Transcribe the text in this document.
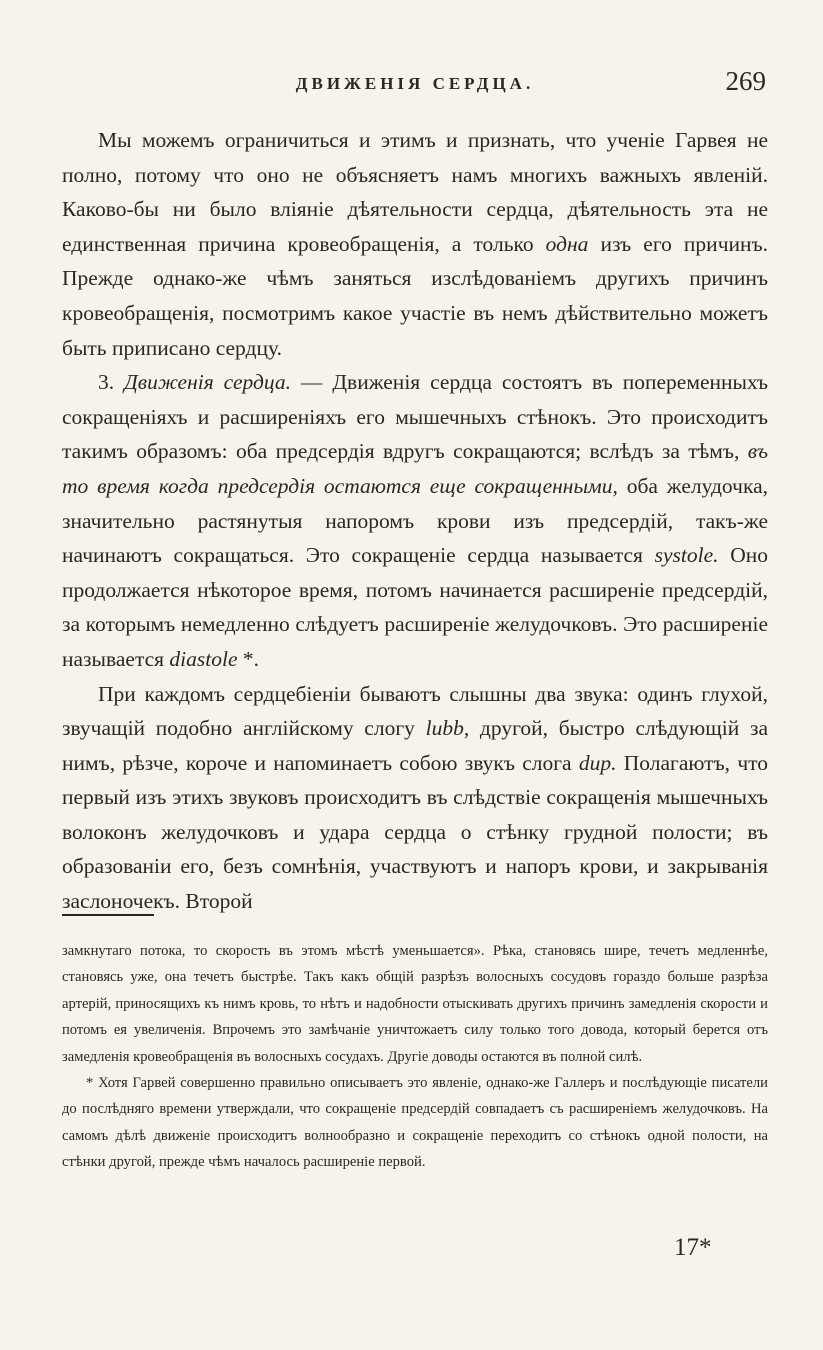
ДВИЖЕНІЯ СЕРДЦА.	269

Мы можемъ ограничиться и этимъ и признать, что ученіе Гарвея не полно, потому что оно не объясняетъ намъ многихъ важныхъ явленій. Каково-бы ни было вліяніе дѣятельности сердца, дѣятельность эта не единственная причина кровеобращенія, а только одна изъ его причинъ. Прежде однако-же чѣмъ заняться изслѣдованіемъ другихъ причинъ кровеобращенія, посмотримъ какое участіе въ немъ дѣйствительно можетъ быть приписано сердцу.

3. Движенія сердца. — Движенія сердца состоятъ въ попеременныхъ сокращеніяхъ и расширеніяхъ его мышечныхъ стѣнокъ. Это происходитъ такимъ образомъ: оба предсердія вдругъ сокращаются; вслѣдъ за тѣмъ, въ то время когда предсердія остаются еще сокращенными, оба желудочка, значительно растянутыя напоромъ крови изъ предсердій, такъ-же начинаютъ сокращаться. Это сокращеніе сердца называется systole. Оно продолжается нѣкоторое время, потомъ начинается расширеніе предсердій, за которымъ немедленно слѣдуетъ расширеніе желудочковъ. Это расширеніе называется diastole *.

При каждомъ сердцебіеніи бываютъ слышны два звука: одинъ глухой, звучащій подобно англійскому слогу lubb, другой, быстро слѣдующій за нимъ, рѣзче, короче и напоминаетъ собою звукъ слога dup. Полагаютъ, что первый изъ этихъ звуковъ происходитъ въ слѣдствіе сокращенія мышечныхъ волоконъ желудочковъ и удара сердца о стѣнку грудной полости; въ образованіи его, безъ сомнѣнія, участвуютъ и напоръ крови, и закрыванія заслоночекъ. Второй

замкнутаго потока, то скорость въ этомъ мѣстѣ уменьшается». Рѣка, становясь шире, течетъ медленнѣе, становясь уже, она течетъ быстрѣе. Такъ какъ общій разрѣзъ волосныхъ сосудовъ гораздо больше разрѣза артерій, приносящихъ къ нимъ кровь, то нѣтъ и надобности отыскивать другихъ причинъ замедленія скорости и потомъ ея увеличенія. Впрочемъ это замѣчаніе уничтожаетъ силу только того довода, который берется отъ замедленія кровеобращенія въ волосныхъ сосудахъ. Другіе доводы остаются въ полной силѣ.

* Хотя Гарвей совершенно правильно описываетъ это явленіе, однако-же Галлеръ и послѣдующіе писатели до послѣдняго времени утверждали, что сокращеніе предсердій совпадаетъ съ расширеніемъ желудочковъ. На самомъ дѣлѣ движеніе происходитъ волнообразно и сокращеніе переходитъ со стѣнокъ одной полости, на стѣнки другой, прежде чѣмъ началось расширеніе первой.

17*
